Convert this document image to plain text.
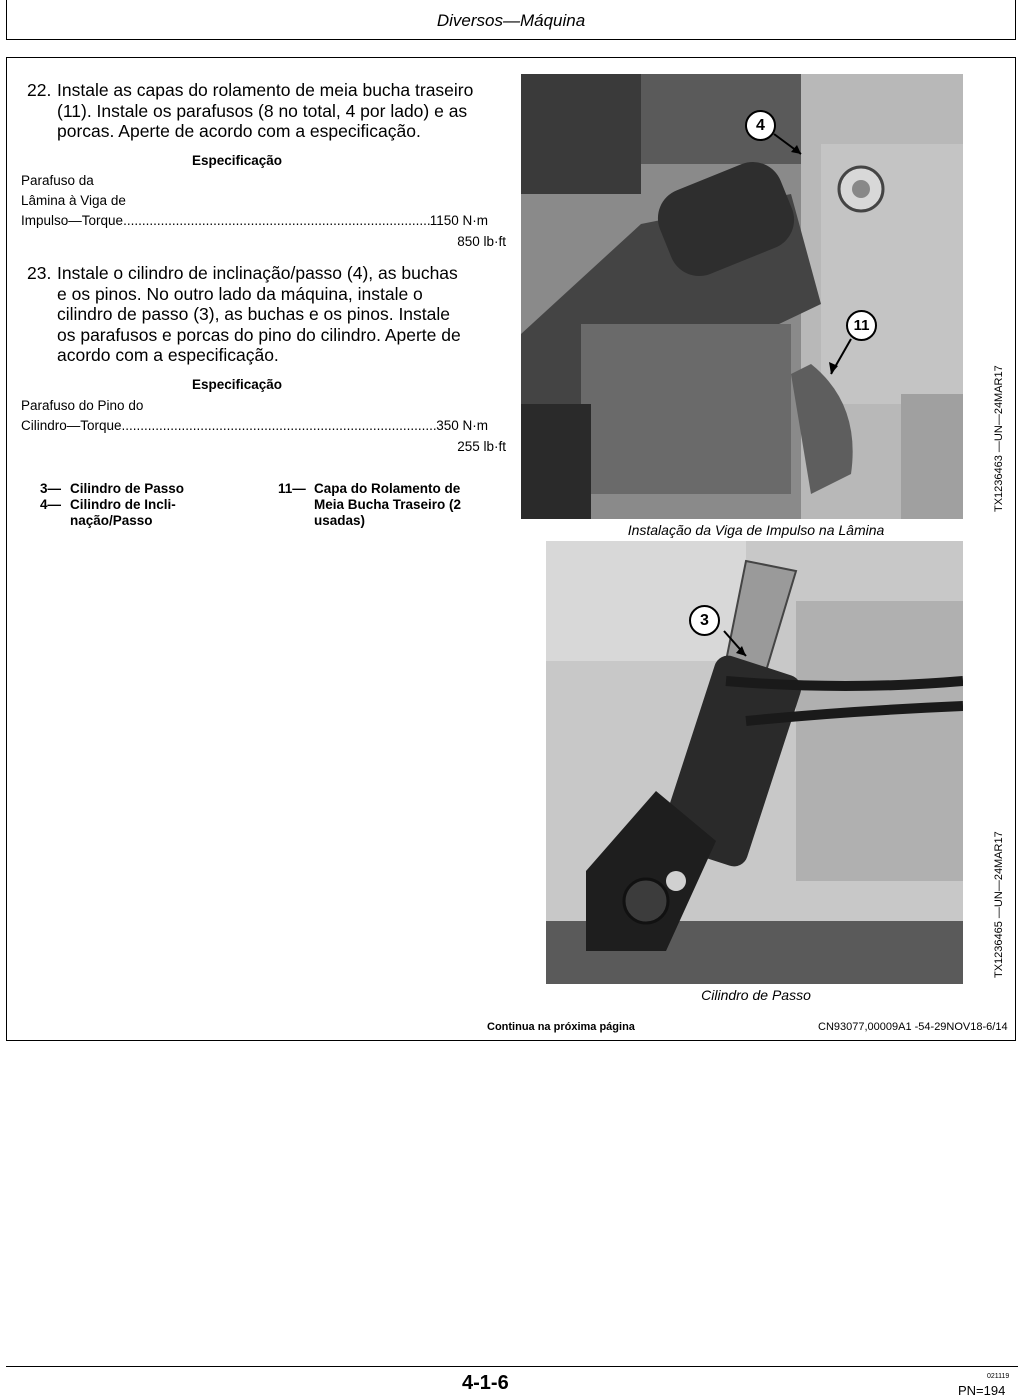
Diversos—Máquina
22. Instale as capas do rolamento de meia bucha traseiro
(11). Instale os parafusos (8 no total, 4 por lado) e as
porcas. Aperte de acordo com a especificação.
Especificação
Parafuso da
Lâmina à Viga de
Impulso—Torque .....	1150 N·m
850 lb·ft
23. Instale o cilindro de inclinação/passo (4), as buchas
e os pinos. No outro lado da máquina, instale o
cilindro de passo (3), as buchas e os pinos. Instale
os parafusos e porcas do pino do cilindro. Aperte de
acordo com a especificação.
Especificação
Parafuso do Pino do
Cilindro—Torque .....	350 N·m
255 lb·ft
3— Cilindro de Passo
4— Cilindro de Incli-
nação/Passo
11— Capa do Rolamento de
Meia Bucha Traseiro (2
usadas)
4
11
Instalação da Viga de Impulso na Lâmina
TX1236463 —UN—24MAR17
3
Cilindro de Passo
TX1236465 —UN—24MAR17
Continua na próxima página	CN93077,00009A1 -54-29NOV18-6/14
4-1-6	021119
PN=194
